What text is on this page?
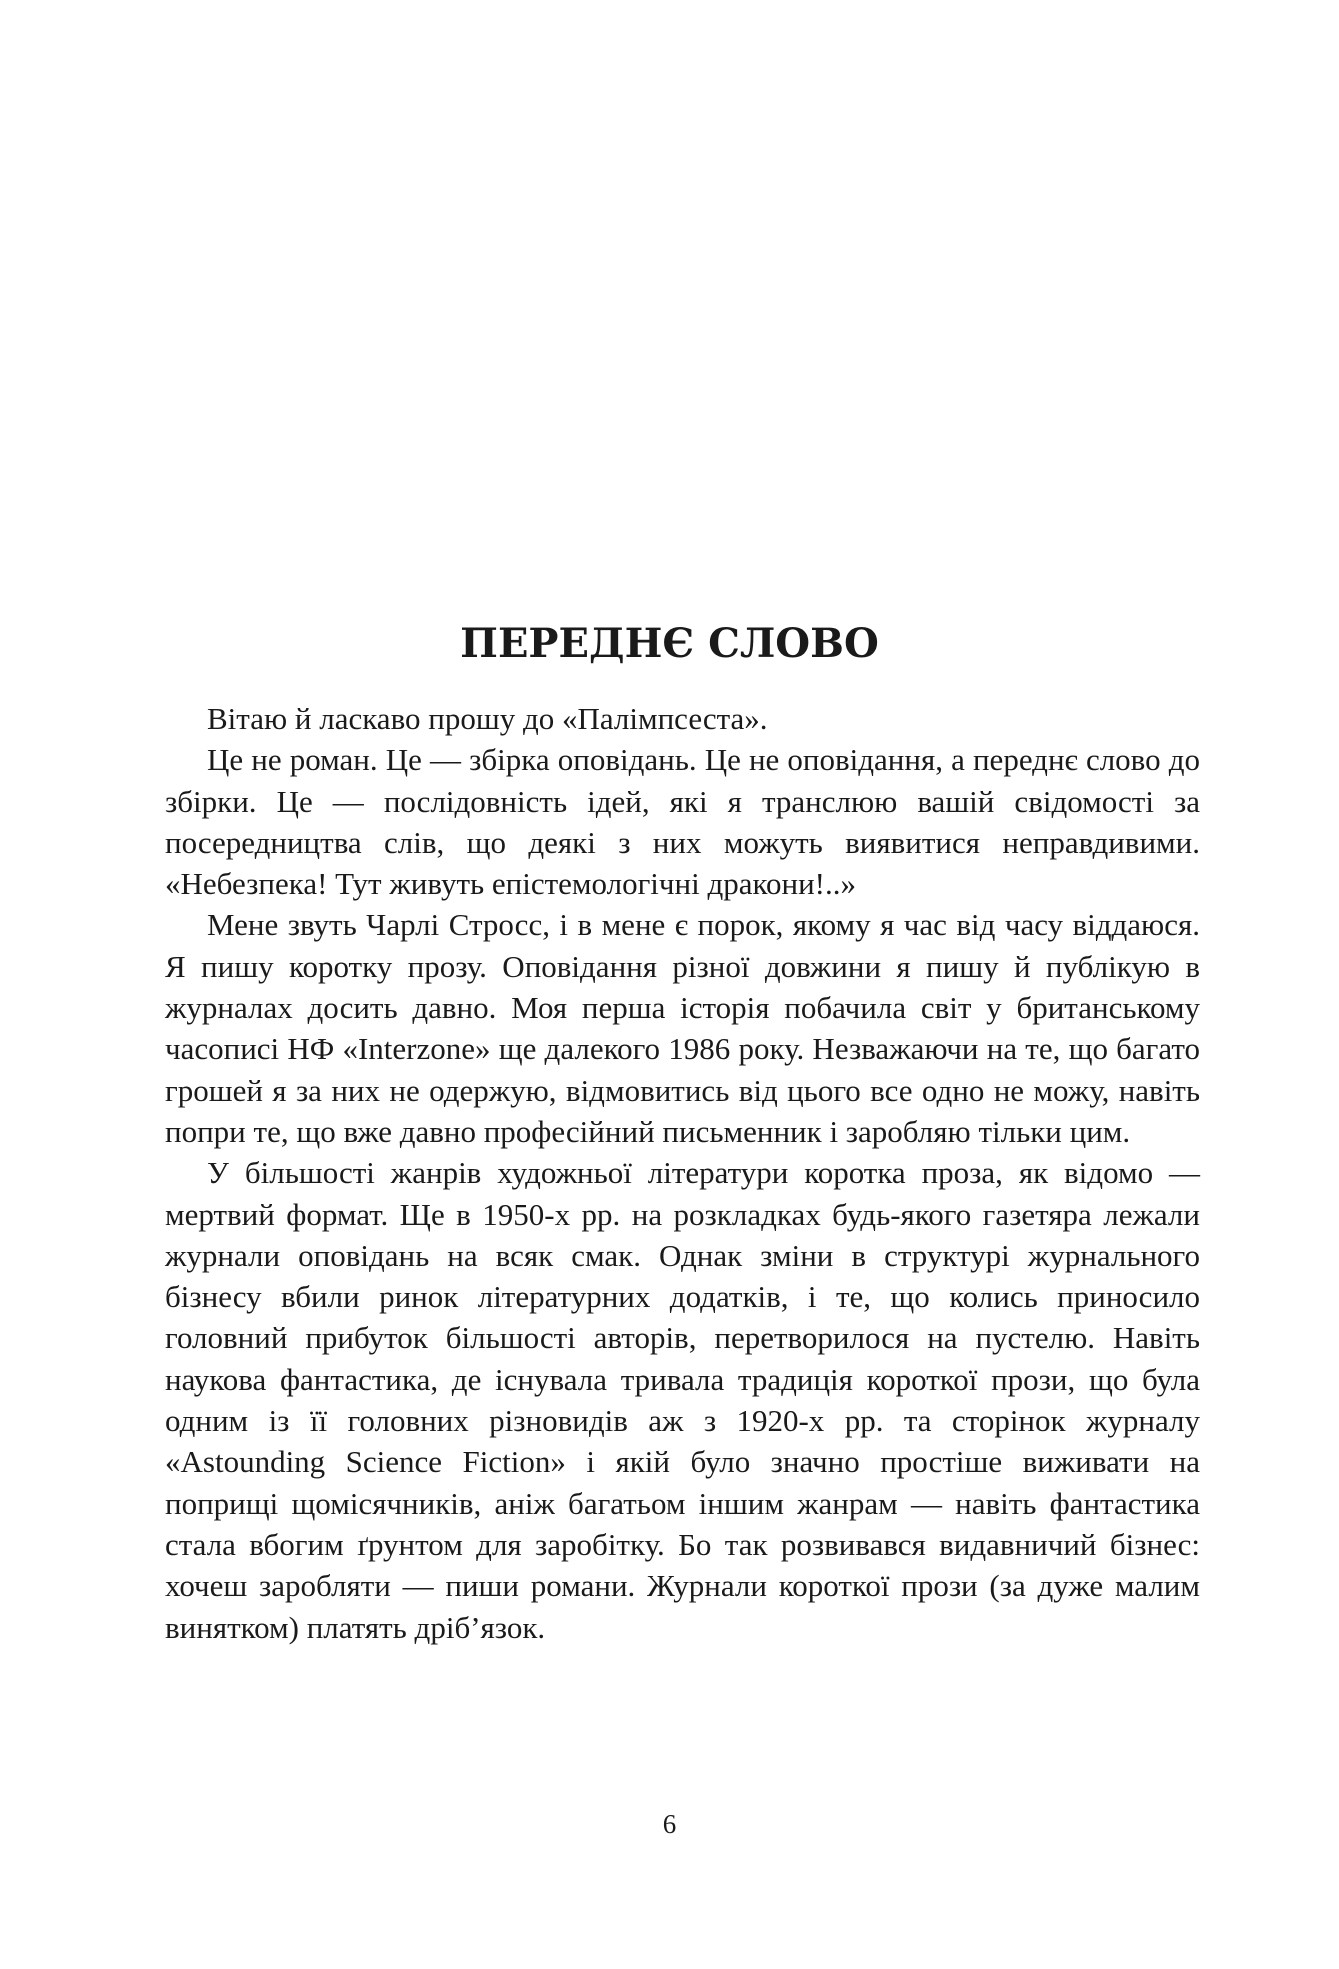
ПЕРЕДНЄ СЛОВО

Вітаю й ласкаво прошу до «Палімпсеста».

Це не роман. Це — збірка оповідань. Це не оповідання, а переднє слово до збірки. Це — послідовність ідей, які я транслюю вашій свідомості за посередництва слів, що деякі з них можуть виявитися неправдивими. «Небезпека! Тут живуть епістемологічні дракони!..»

Мене звуть Чарлі Стросс, і в мене є порок, якому я час від часу віддаюся. Я пишу коротку прозу. Оповідання різної довжини я пишу й публікую в журналах досить давно. Моя перша історія побачила світ у британському часописі НФ «Interzone» ще далекого 1986 року. Незважаючи на те, що багато грошей я за них не одержую, відмовитись від цього все одно не можу, навіть попри те, що вже давно професійний письменник і заробляю тільки цим.

У більшості жанрів художньої літератури коротка проза, як відомо — мертвий формат. Ще в 1950-х рр. на розкладках будь-якого газетяра лежали журнали оповідань на всяк смак. Однак зміни в структурі журнального бізнесу вбили ринок літературних додатків, і те, що колись приносило головний прибуток більшості авторів, перетворилося на пустелю. Навіть наукова фантастика, де існувала тривала традиція короткої прози, що була одним із її головних різновидів аж з 1920-х рр. та сторінок журналу «Astounding Science Fiction» і якій було значно простіше виживати на поприщі щомісячників, аніж багатьом іншим жанрам — навіть фантастика стала вбогим ґрунтом для заробітку. Бо так розвивався видавничий бізнес: хочеш заробляти — пиши романи. Журнали короткої прози (за дуже малим винятком) платять дріб’язок.

6
